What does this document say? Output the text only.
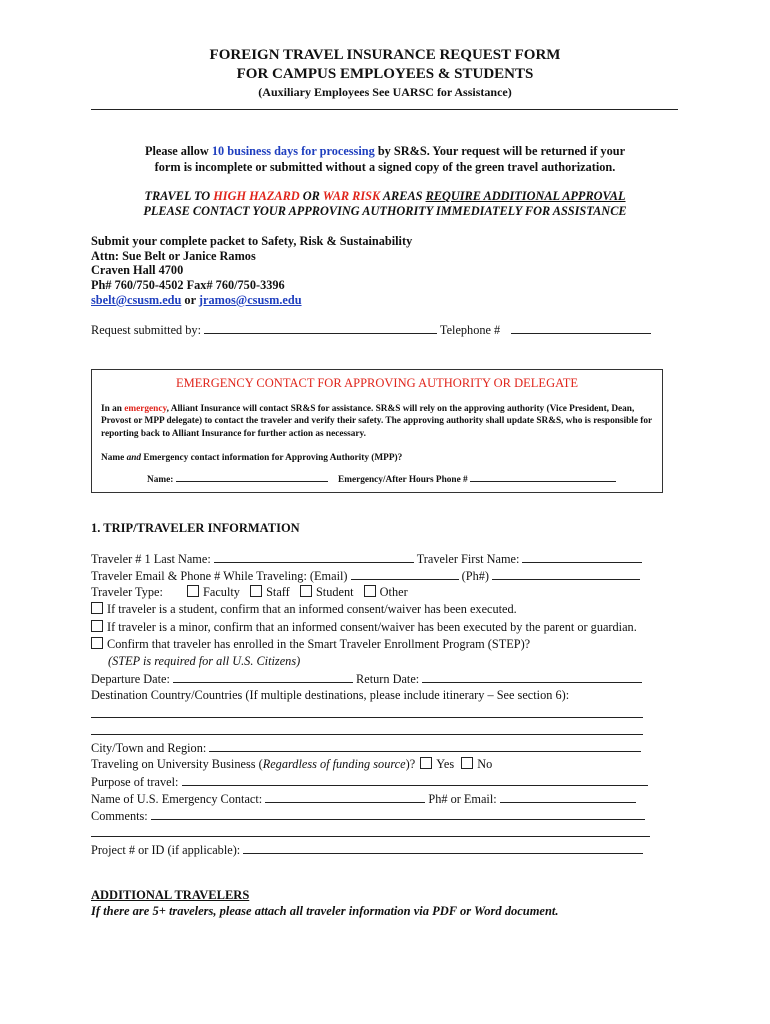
FOREIGN TRAVEL INSURANCE REQUEST FORM
FOR CAMPUS EMPLOYEES & STUDENTS
(Auxiliary Employees See UARSC for Assistance)
Please allow 10 business days for processing by SR&S. Your request will be returned if your
form is incomplete or submitted without a signed copy of the green travel authorization.
TRAVEL TO HIGH HAZARD OR WAR RISK AREAS REQUIRE ADDITIONAL APPROVAL
PLEASE CONTACT YOUR APPROVING AUTHORITY IMMEDIATELY FOR ASSISTANCE
Submit your complete packet to Safety, Risk & Sustainability
Attn: Sue Belt or Janice Ramos
Craven Hall 4700
Ph# 760/750-4502 Fax# 760/750-3396
sbelt@csusm.edu or jramos@csusm.edu
Request submitted by:	Telephone #
EMERGENCY CONTACT FOR APPROVING AUTHORITY OR DELEGATE
In an emergency, Alliant Insurance will contact SR&S for assistance. SR&S will rely on the approving authority (Vice President, Dean, Provost or MPP delegate) to contact the traveler and verify their safety. The approving authority shall update SR&S, who is responsible for reporting back to Alliant Insurance for further action as necessary.
Name and Emergency contact information for Approving Authority (MPP)?
Name:	Emergency/After Hours Phone #
1. TRIP/TRAVELER INFORMATION
Traveler # 1 Last Name:	Traveler First Name:
Traveler Email & Phone # While Traveling: (Email)	(Ph#)
Traveler Type:	Faculty Staff Student Other
If traveler is a student, confirm that an informed consent/waiver has been executed.
If traveler is a minor, confirm that an informed consent/waiver has been executed by the parent or guardian.
Confirm that traveler has enrolled in the Smart Traveler Enrollment Program (STEP)?
(STEP is required for all U.S. Citizens)
Departure Date:	Return Date:
Destination Country/Countries (If multiple destinations, please include itinerary – See section 6):
City/Town and Region:
Traveling on University Business (Regardless of funding source)? Yes No
Purpose of travel:
Name of U.S. Emergency Contact:	Ph# or Email:
Comments:
Project # or ID (if applicable):
ADDITIONAL TRAVELERS
If there are 5+ travelers, please attach all traveler information via PDF or Word document.
